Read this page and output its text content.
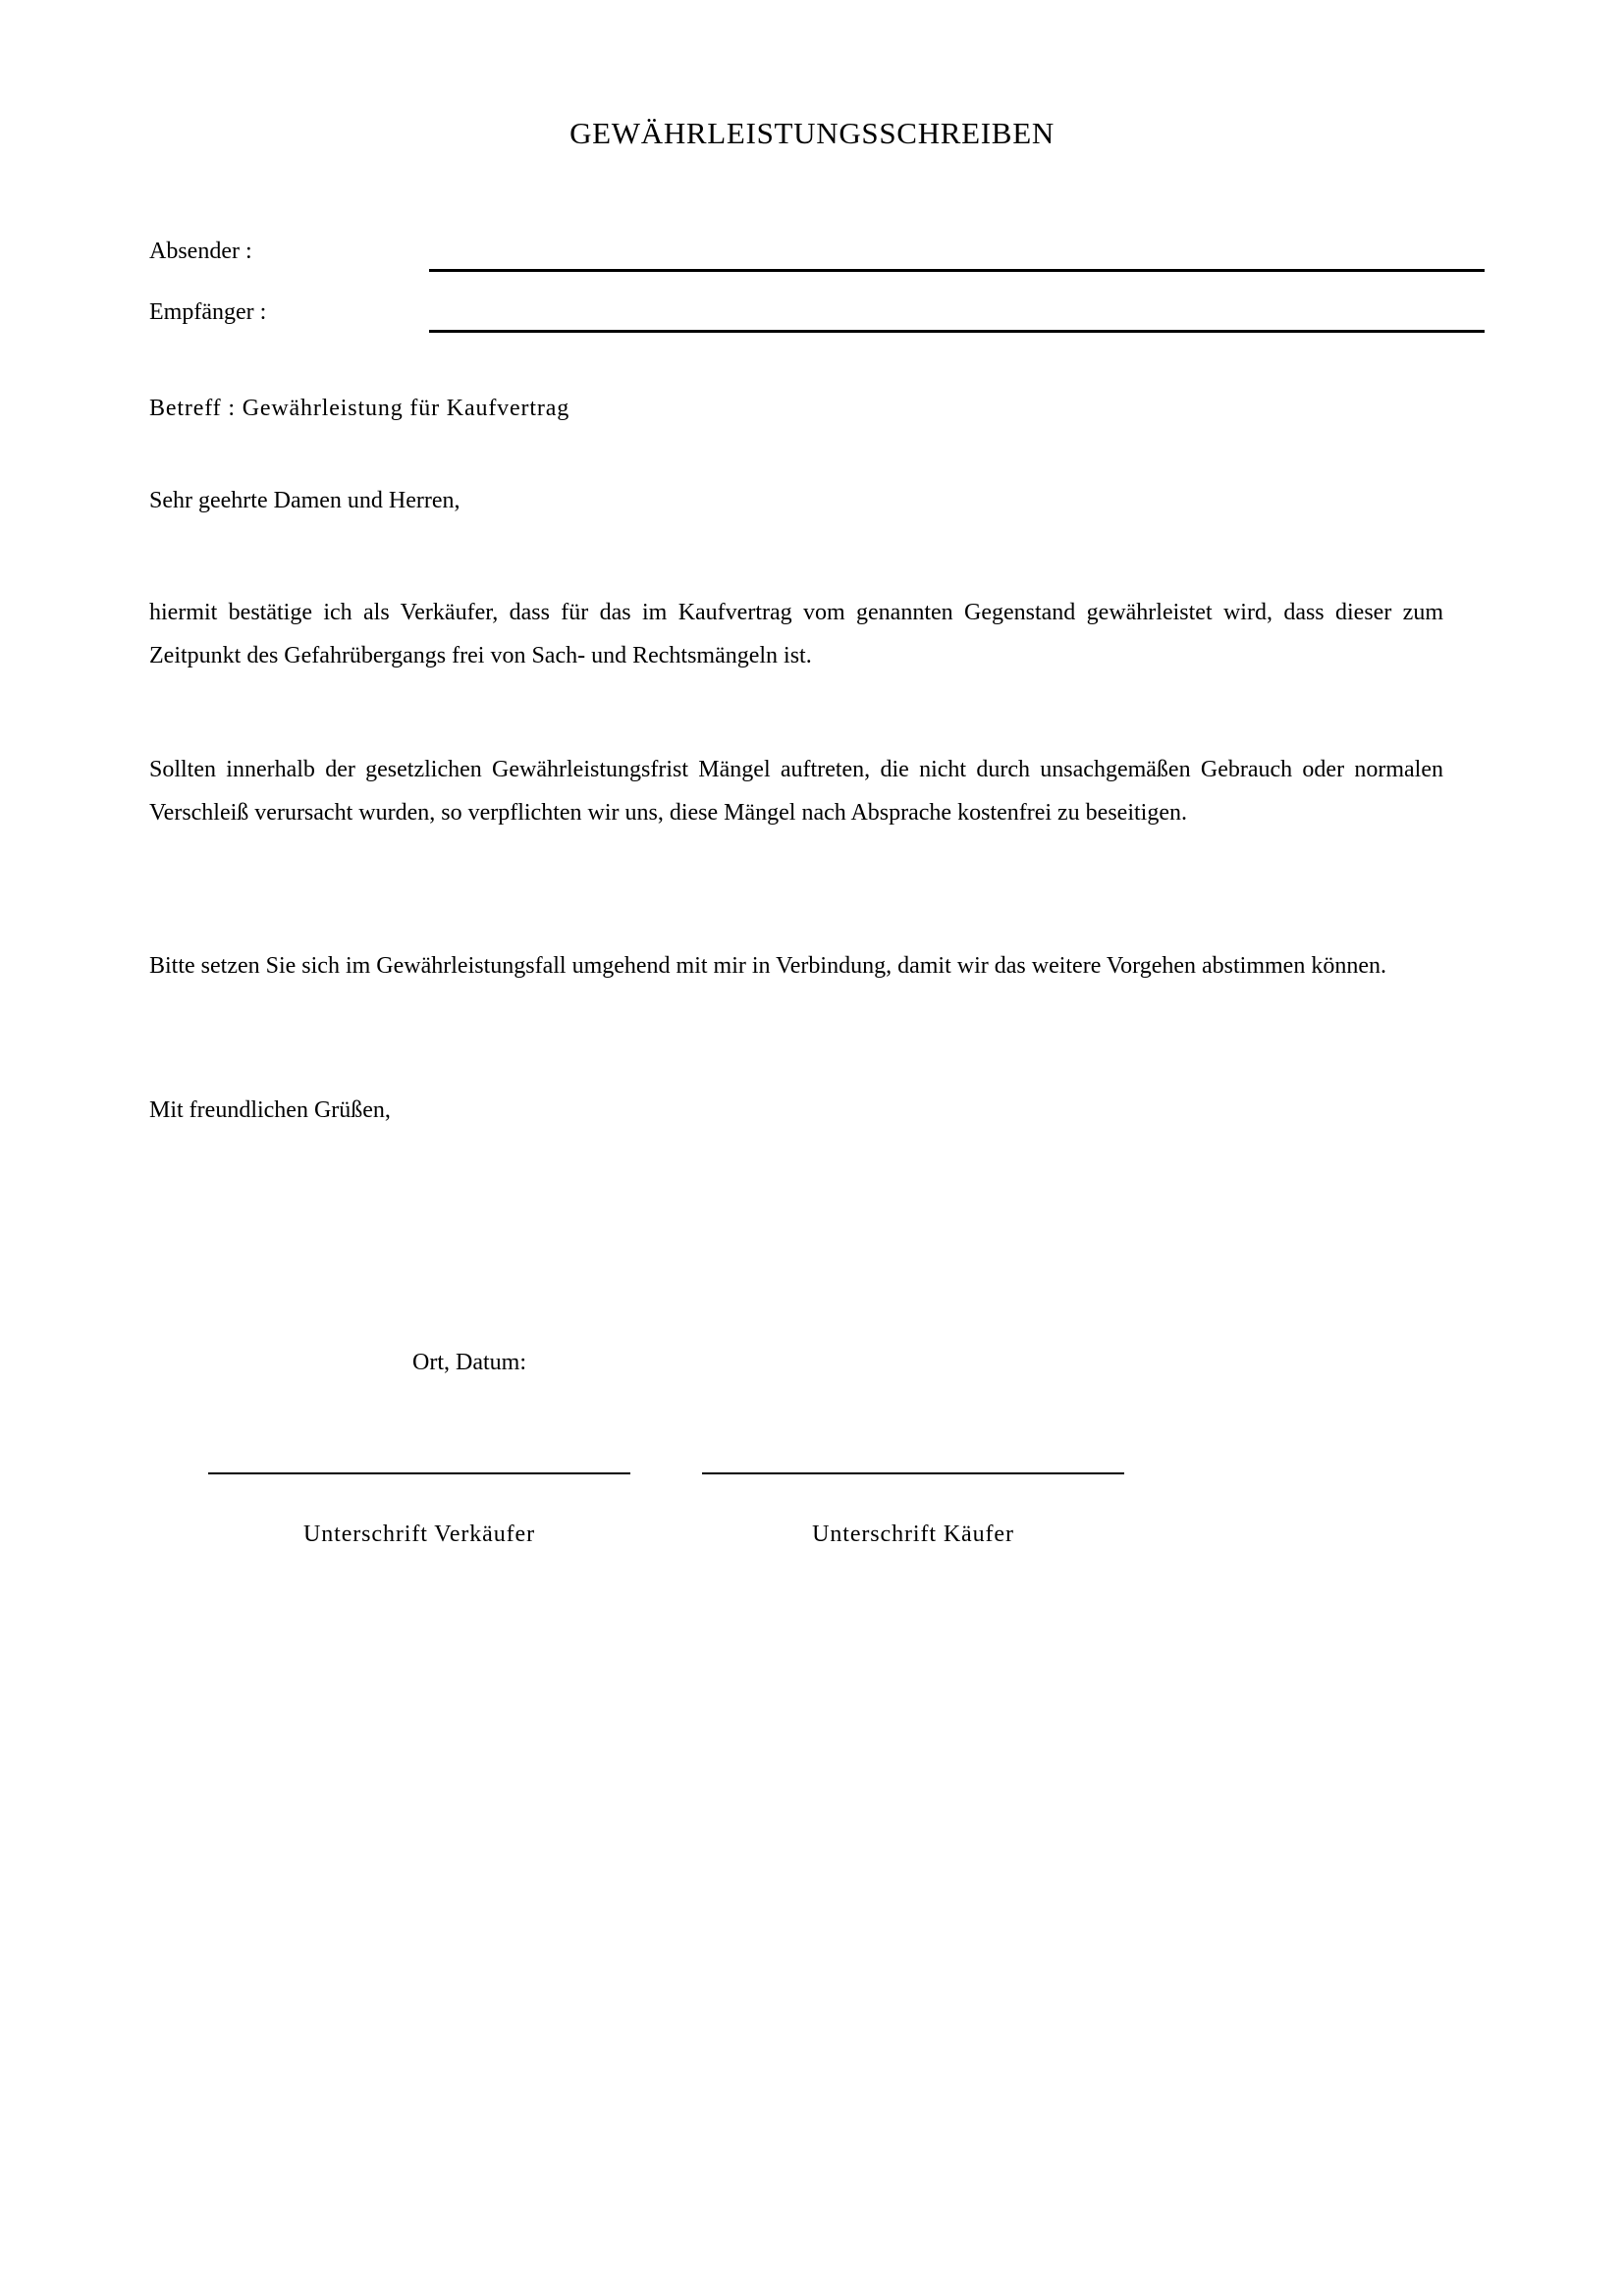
GEWÄHRLEISTUNGSSCHREIBEN
Absender :
Empfänger :
Betreff : Gewährleistung für Kaufvertrag
Sehr geehrte Damen und Herren,
hiermit bestätige ich als Verkäufer, dass für das im Kaufvertrag vom genannten Gegenstand gewährleistet wird, dass dieser zum Zeitpunkt des Gefahrübergangs frei von Sach- und Rechtsmängeln ist.
Sollten innerhalb der gesetzlichen Gewährleistungsfrist Mängel auftreten, die nicht durch unsachgemäßen Gebrauch oder normalen Verschleiß verursacht wurden, so verpflichten wir uns, diese Mängel nach Absprache kostenfrei zu beseitigen.
Bitte setzen Sie sich im Gewährleistungsfall umgehend mit mir in Verbindung, damit wir das weitere Vorgehen abstimmen können.
Mit freundlichen Grüßen,
Ort, Datum:
Unterschrift Verkäufer	Unterschrift Käufer
